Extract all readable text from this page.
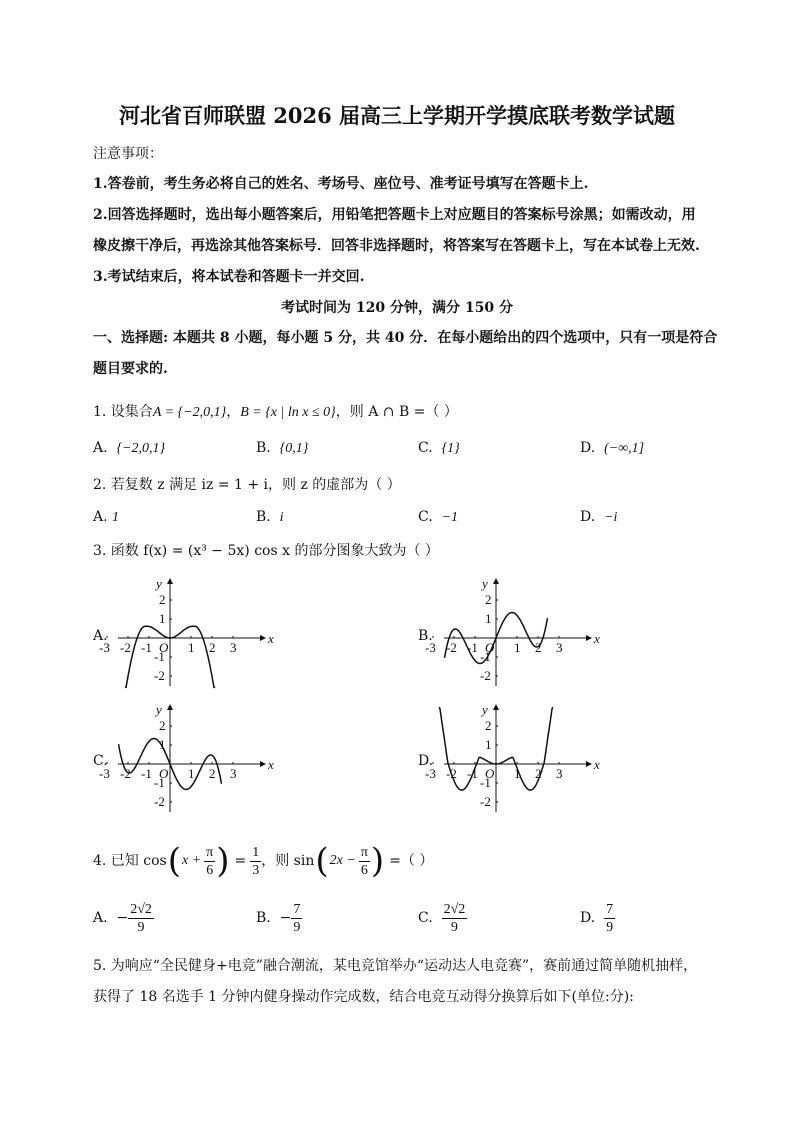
河北省百师联盟 2026 届高三上学期开学摸底联考数学试题
注意事项：
1.答卷前，考生务必将自己的姓名、考场号、座位号、准考证号填写在答题卡上.
2.回答选择题时，选出每小题答案后，用铅笔把答题卡上对应题目的答案标号涂黑；如需改动，用
橡皮擦干净后，再选涂其他答案标号．回答非选择题时，将答案写在答题卡上，写在本试卷上无效.
3.考试结束后，将本试卷和答题卡一并交回.
考试时间为 120 分钟，满分 150 分
一、选择题: 本题共 8 小题，每小题 5 分，共 40 分．在每小题给出的四个选项中，只有一项是符合
题目要求的.
1. 设集合A = {−2,0,1}，B = {x | ln x ≤ 0}，则 A ∩ B =（ ）
A. {−2,0,1}	B. {0,1}	C. {1}	D. (−∞,1]
2. 若复数 z 满足 iz = 1 + i，则 z 的虚部为（ ）
A. 1	B. i	C. −1	D. −i
3. 函数 f(x) = (x³ − 5x) cos x 的部分图象大致为（ ）
A.	B.
C.	D.
x
y
O
-3 -2 -1	1 2 3
2
1
-1
-2
x
y
O
-3 -2 -1	1 2 3
2
1
-1
-2
x
y
O
-3 -2 -1	1 2 3
2
1
-1
-2
x
y
O
-3 -2 -1	1 2 3
2
1
-1
-2
4. 已知 cos ( $x + \frac{\pi}{6}$ ) = $\frac{1}{3}$ ，则 sin ( $2x - \frac{\pi}{6}$ ) =（ ）
A.
− $\frac{2√2}{9}$	B.
− $\frac{7}{9}$	C.
$\frac{2√2}{9}$	D.
$\frac{7}{9}$
5. 为响应“全民健身+电竞”融合潮流，某电竞馆举办“运动达人电竞赛”，赛前通过简单随机抽样，
获得了 18 名选手 1 分钟内健身操动作完成数，结合电竞互动得分换算后如下(单位:分):
